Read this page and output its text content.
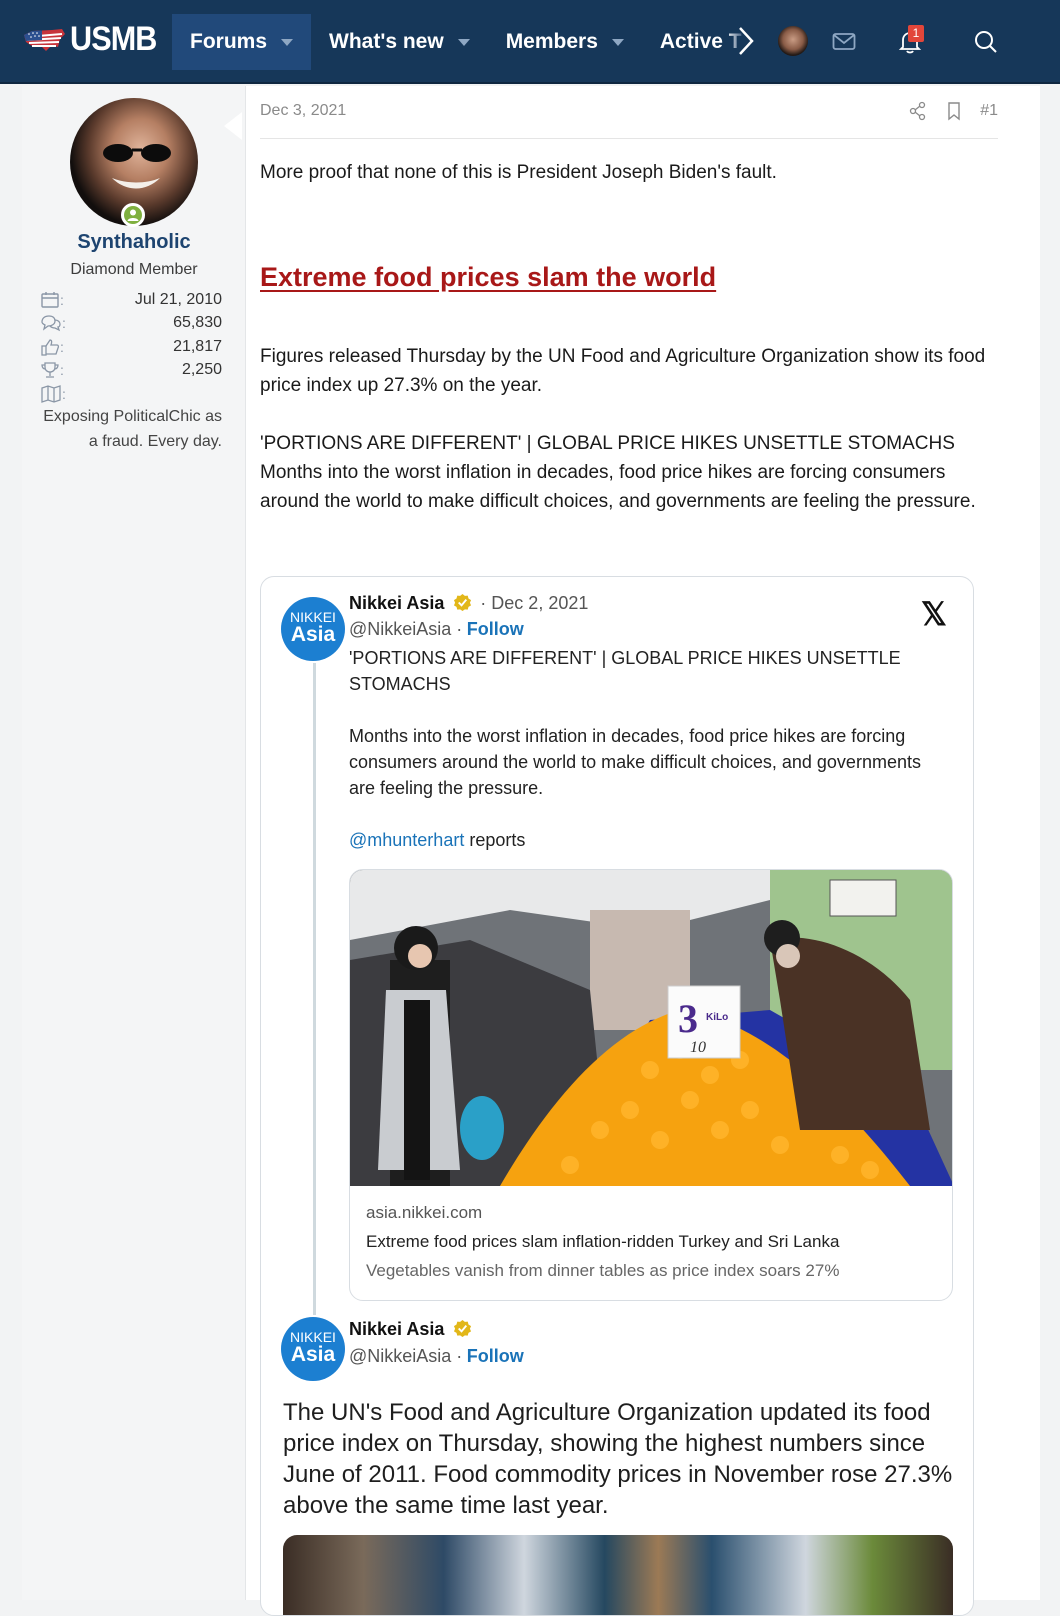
USMB Forums	What's new	Members	Active T	1
Synthaholic
Diamond Member
:	Jul 21, 2010
:	65,830
:	21,817
:	2,250
:
Exposing PoliticalChic as a fraud. Every day.
Dec 3, 2021	#1
More proof that none of this is President Joseph Biden's fault.
Extreme food prices slam the world
Figures released Thursday by the UN Food and Agriculture Organization show its food price index up 27.3% on the year.
'PORTIONS ARE DIFFERENT' | GLOBAL PRICE HIKES UNSETTLE STOMACHS
Months into the worst inflation in decades, food price hikes are forcing consumers around the world to make difficult choices, and governments are feeling the pressure.
NIKKEI
Asia
Nikkei Asia · Dec 2, 2021
@NikkeiAsia · Follow	𝕏
'PORTIONS ARE DIFFERENT' | GLOBAL PRICE HIKES UNSETTLE STOMACHS
Months into the worst inflation in decades, food price hikes are forcing consumers around the world to make difficult choices, and governments are feeling the pressure.
@mhunterhart reports
3 KiLo
10
asia.nikkei.com
Extreme food prices slam inflation-ridden Turkey and Sri Lanka
Vegetables vanish from dinner tables as price index soars 27%
NIKKEI
Asia
Nikkei Asia
@NikkeiAsia · Follow
The UN's Food and Agriculture Organization updated its food price index on Thursday, showing the highest numbers since June of 2011. Food commodity prices in November rose 27.3% above the same time last year.
